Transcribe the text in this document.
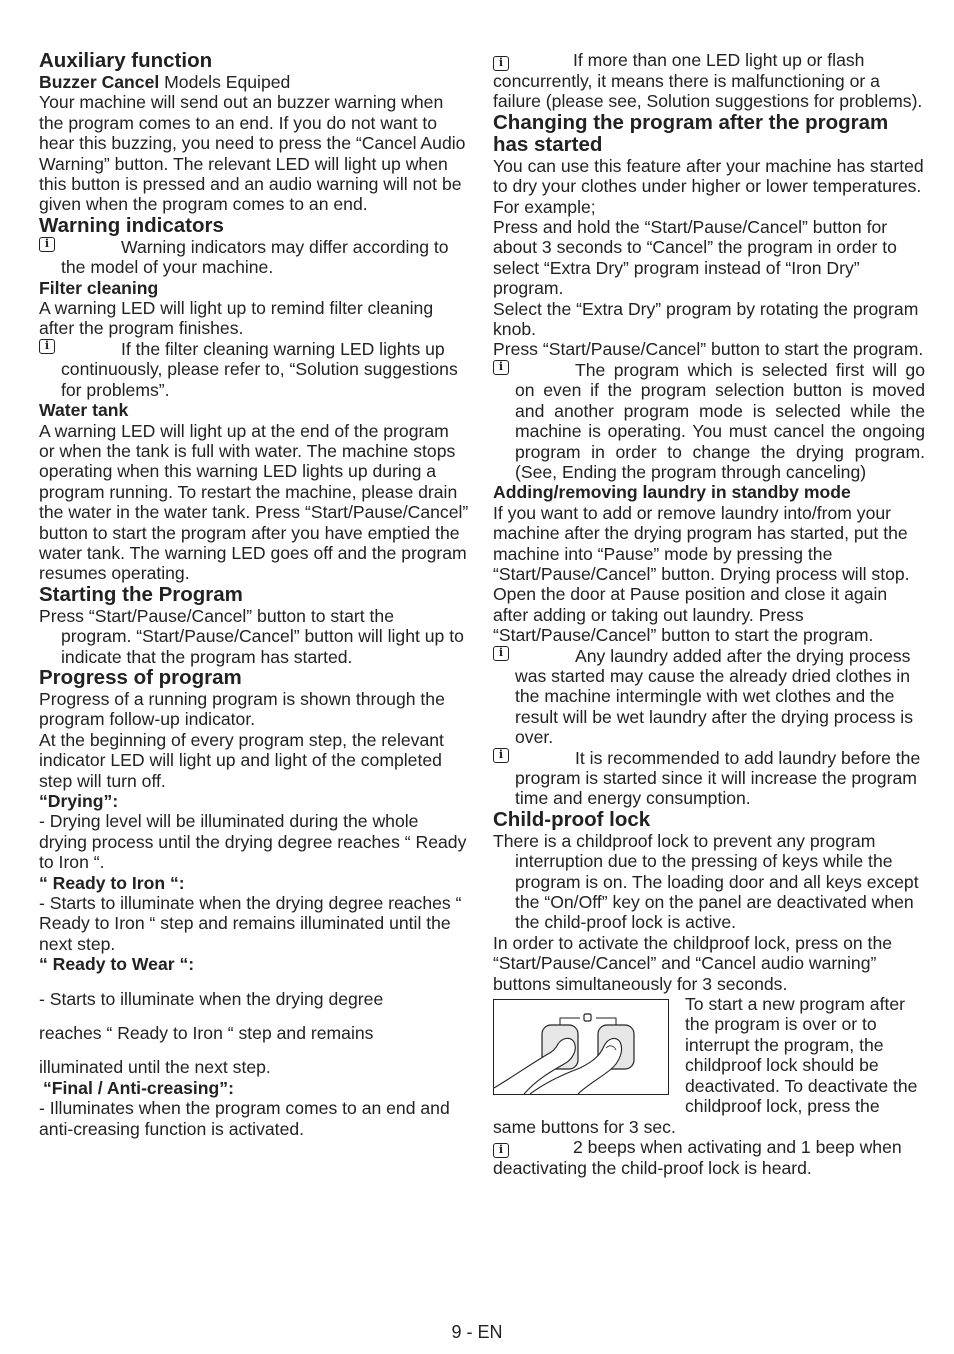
Auxiliary function

Buzzer Cancel Models Equiped

Your machine will send out an buzzer warning when the program comes to an end. If you do not want to hear this buzzing, you need to press the “Cancel Audio Warning” button. The relevant LED will light up when this button is pressed and an audio warning will not be given when the program comes to an end.

Warning indicators

i	Warning indicators may differ according to the model of your machine.

Filter cleaning

A warning LED will light up to remind filter cleaning after the program finishes.

i	If the filter cleaning warning LED lights up continuously, please refer to, “Solution suggestions for problems”.

Water tank

A warning LED will light up at the end of the program or when the tank is full with water. The machine stops operating when this warning LED lights up during a program running. To restart the machine, please drain the water in the water tank. Press “Start/Pause/Cancel” button to start the program after you have emptied the water tank. The warning LED goes off and the program resumes operating.

Starting the Program

Press “Start/Pause/Cancel” button to start the program. “Start/Pause/Cancel” button will light up to indicate that the program has started.

Progress of program

Progress of a running program is shown through the program follow-up indicator.

At the beginning of every program step, the relevant indicator LED will light up and light of the completed step will turn off.

“Drying”:

- Drying level will be illuminated during the whole drying process until the drying degree reaches “ Ready to Iron “.

“ Ready to Iron “:

- Starts to illuminate when the drying degree reaches “ Ready to Iron “ step and remains illuminated until the next step.

“ Ready to Wear “:

- Starts to illuminate when the drying degree

reaches “ Ready to Iron “ step and remains

illuminated until the next step.

“Final / Anti-creasing”:

- Illuminates when the program comes to an end and anti-creasing function is activated.

i	If more than one LED light up or flash concurrently, it means there is malfunctioning or a failure (please see, Solution suggestions for problems).

Changing the program after the program has started

You can use this feature after your machine has started to dry your clothes under higher or lower temperatures.

For example;

Press and hold the “Start/Pause/Cancel” button for about 3 seconds to “Cancel” the program in order to select “Extra Dry” program instead of “Iron Dry” program.

Select the “Extra Dry” program by rotating the program knob.

Press “Start/Pause/Cancel” button to start the program.

i	The program which is selected first will go on even if the program selection button is moved and another program mode is selected while the machine is operating. You must cancel the ongoing program in order to change the drying program. (See, Ending the program through canceling)

Adding/removing laundry in standby mode

If you want to add or remove laundry into/from your machine after the drying program has started, put the machine into “Pause” mode by pressing the “Start/Pause/Cancel” button. Drying process will stop. Open the door at Pause position and close it again after adding or taking out laundry. Press “Start/Pause/Cancel” button to start the program.

i	Any laundry added after the drying process was started may cause the already dried clothes in the machine intermingle with wet clothes and the result will be wet laundry after the drying process is over.

i	It is recommended to add laundry before the program is started since it will increase the program time and energy consumption.

Child-proof lock

There is a childproof lock to prevent any program interruption due to the pressing of keys while the program is on. The loading door and all keys except the “On/Off” key on the panel are deactivated when the child-proof lock is active.

In order to activate the childproof lock, press on the “Start/Pause/Cancel” and “Cancel audio warning” buttons simultaneously for 3 seconds.

To start a new program after the program is over or to interrupt the program, the childproof lock should be deactivated. To deactivate the childproof lock, press the same buttons for 3 sec.

i	2 beeps when activating and 1 beep when deactivating the child-proof lock is heard.

9 - EN
